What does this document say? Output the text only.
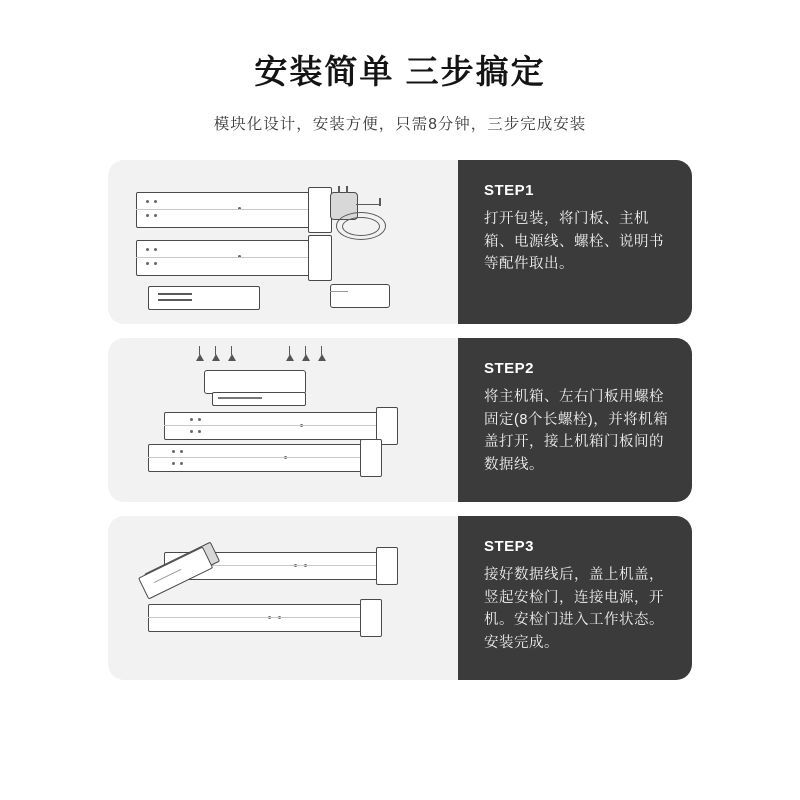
安装简单 三步搞定
模块化设计，安装方便，只需8分钟，三步完成安装
STEP1
打开包装，将门板、主机箱、电源线、螺栓、说明书等配件取出。
STEP2
将主机箱、左右门板用螺栓固定(8个长螺栓)，并将机箱盖打开，接上机箱门板间的数据线。
STEP3
接好数据线后，盖上机盖，竖起安检门，连接电源，开机。安检门进入工作状态。安装完成。
